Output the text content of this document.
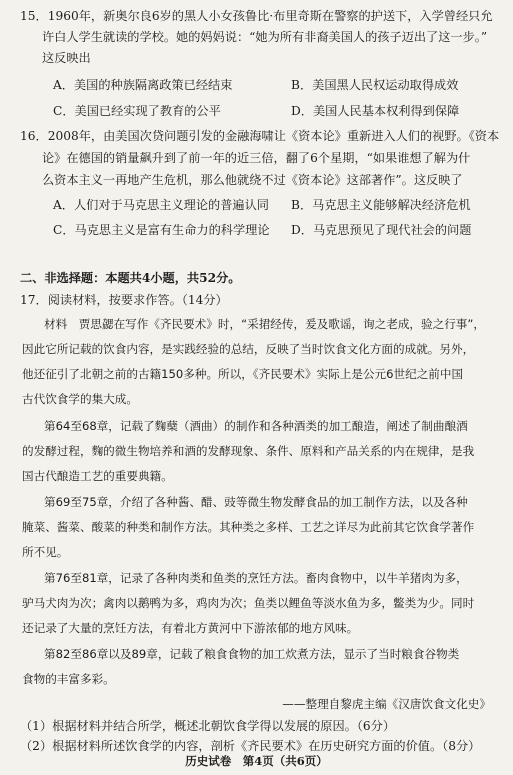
15．1960年，新奥尔良6岁的黑人小女孩鲁比·布里奇斯在警察的护送下，入学曾经只允
许白人学生就读的学校。她的妈妈说：“她为所有非裔美国人的孩子迈出了这一步。”
这反映出
A．美国的种族隔离政策已经结束	B．美国黑人民权运动取得成效
C．美国已经实现了教育的公平	D．美国人民基本权利得到保障
16．2008年，由美国次贷问题引发的金融海啸让《资本论》重新进入人们的视野。《资本
论》在德国的销量飙升到了前一年的近三倍，翻了6个星期，“如果谁想了解为什
么资本主义一再地产生危机，那么他就绕不过《资本论》这部著作”。这反映了
A．人们对于马克思主义理论的普遍认同 B．马克思主义能够解决经济危机
C．马克思主义是富有生命力的科学理论 D．马克思预见了现代社会的问题
二、非选择题：本题共4小题，共52分。
17．阅读材料，按要求作答。（14分）
材料　贾思勰在写作《齐民要术》时，“采捃经传，爰及歌谣，询之老成，验之行事”，
因此它所记载的饮食内容，是实践经验的总结，反映了当时饮食文化方面的成就。另外，
他还征引了北朝之前的古籍150多种。所以，《齐民要术》实际上是公元6世纪之前中国
古代饮食学的集大成。
第64至68章，记载了麴蘖（酒曲）的制作和各种酒类的加工酿造，阐述了制曲酿酒
的发酵过程，麴的微生物培养和酒的发酵现象、条件、原料和产品关系的内在规律，是我
国古代酿造工艺的重要典籍。
第69至75章，介绍了各种酱、醋、豉等微生物发酵食品的加工制作方法，以及各种
腌菜、酱菜、酸菜的种类和制作方法。其种类之多样、工艺之详尽为此前其它饮食学著作
所不见。
第76至81章，记录了各种肉类和鱼类的烹饪方法。畜肉食物中，以牛羊猪肉为多，
驴马犬肉为次；禽肉以鹅鸭为多，鸡肉为次；鱼类以鲤鱼等淡水鱼为多，鳖类为少。同时
还记录了大量的烹饪方法，有着北方黄河中下游浓郁的地方风味。
第82至86章以及89章，记载了粮食食物的加工炊煮方法，显示了当时粮食谷物类
食物的丰富多彩。
——整理自黎虎主编《汉唐饮食文化史》
（1）根据材料并结合所学，概述北朝饮食学得以发展的原因。（6分）
（2）根据材料所述饮食学的内容，剖析《齐民要术》在历史研究方面的价值。（8分）
历史试卷　第4页（共6页）
